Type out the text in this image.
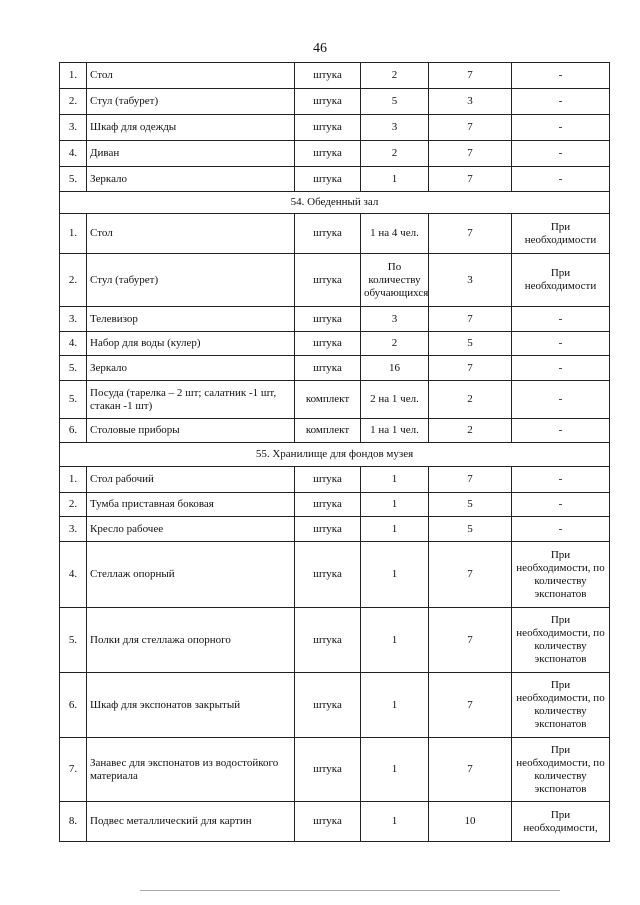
46
1.	Стол	штука	2	7	-
2.	Стул (табурет)	штука	5	3	-
3.	Шкаф для одежды	штука	3	7	-
4.	Диван	штука	2	7	-
5.	Зеркало	штука	1	7	-
54. Обеденный зал					
1.	Стол	штука	1 на 4 чел.	7	При необходимости
2.	Стул (табурет)	штука	По количеству обучающихся	3	При необходимости
3.	Телевизор	штука	3	7	-
4.	Набор для воды (кулер)	штука	2	5	-
5.	Зеркало	штука	16	7	-
5.	Посуда (тарелка – 2 шт; салатник -1 шт, стакан -1 шт)	комплект	2 на 1 чел.	2	-
6.	Столовые приборы	комплект	1 на 1 чел.	2	-
55. Хранилище для фондов музея					
1.	Стол рабочий	штука	1	7	-
2.	Тумба приставная боковая	штука	1	5	-
3.	Кресло рабочее	штука	1	5	-
4.	Стеллаж опорный	штука	1	7	При необходимости, по количеству экспонатов
5.	Полки для стеллажа опорного	штука	1	7	При необходимости, по количеству экспонатов
6.	Шкаф для экспонатов закрытый	штука	1	7	При необходимости, по количеству экспонатов
7.	Занавес для экспонатов из водостойкого материала	штука	1	7	При необходимости, по количеству экспонатов
8.	Подвес металлический для картин	штука	1	10	При необходимости,
